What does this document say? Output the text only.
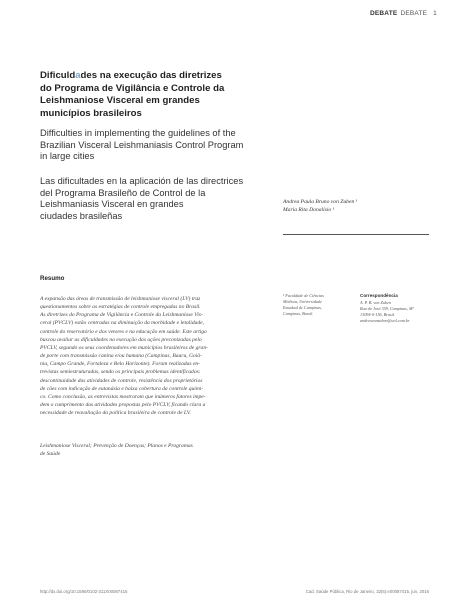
DEBATE DEBATE 1
Dificuldades na execução das diretrizes
do Programa de Vigilância e Controle da
Leishmaniose Visceral em grandes
municípios brasileiros
Difficulties in implementing the guidelines of the
Brazilian Visceral Leishmaniasis Control Program
in large cities
Las dificultades en la aplicación de las directrices
del Programa Brasileño de Control de la
Leishmaniasis Visceral en grandes
ciudades brasileñas
Andrea Paula Bruno von Zuben ¹
Maria Rita Donalísio ¹
Resumo
A expansão das áreas de transmissão de leishmaniose visceral (LV) traz
questionamentos sobre as estratégias de controle empregadas no Brasil.
As diretrizes do Programa de Vigilância e Controle da Leishmaniose Vis-
ceral (PVCLV) estão centradas na diminuição da morbidade e letalidade,
controle do reservatório e dos vetores e na educação em saúde. Este artigo
buscou avaliar as dificuldades na execução das ações preconizadas pelo
PVCLV, segundo os seus coordenadores em municípios brasileiros de gran-
de porte com transmissão canina e/ou humana (Campinas, Bauru, Goiâ-
nia, Campo Grande, Fortaleza e Belo Horizonte). Foram realizadas en-
trevistas semiestruturadas, sendo os principais problemas identificados:
descontinuidade das atividades de controle, resistência dos proprietários
de cães com indicação de eutanásia e baixa cobertura da controle quími-
co. Como conclusão, as entrevistas mostraram que inúmeros fatores impe-
dem o cumprimento das atividades propostas pelo PVCLV, ficando clara a
necessidade de reavaliação da política brasileira de controle de LV.
Leishmaniose Visceral; Prevenção de Doenças; Planos e Programas
de Saúde
¹ Faculdade de Ciências
Médicas, Universidade
Estadual de Campinas,
Campinas, Brasil.
Correspondência
A. P. B. von Zuben
Rua do José 359, Campinas, SP
13094-0-156, Brasil.
andreavonzuben@uol.com.br
http://dx.doi.org/10.1590/0102-311X00087415	Cad. Saúde Pública, Rio de Janeiro, 32(6):e00087415, jun, 2016
